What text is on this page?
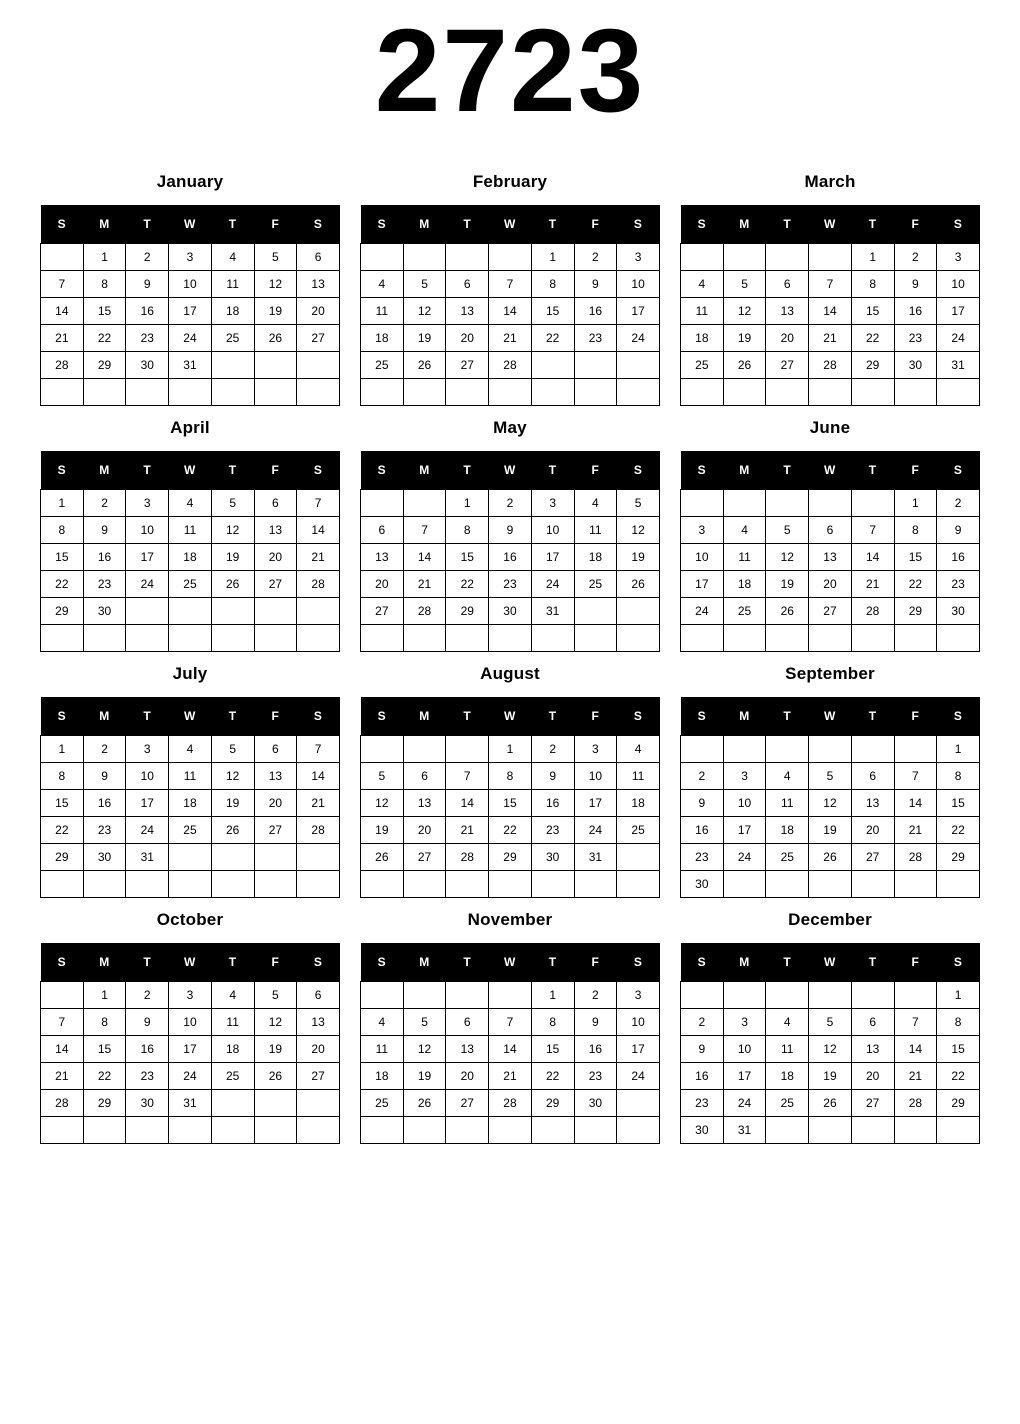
2723
January
S	M	T	W	T	F	S
	1	2	3	4	5	6
7	8	9	10	11	12	13
14	15	16	17	18	19	20
21	22	23	24	25	26	27
28	29	30	31			

February
S	M	T	W	T	F	S
				1	2	3
4	5	6	7	8	9	10
11	12	13	14	15	16	17
18	19	20	21	22	23	24
25	26	27	28			

March
S	M	T	W	T	F	S
				1	2	3
4	5	6	7	8	9	10
11	12	13	14	15	16	17
18	19	20	21	22	23	24
25	26	27	28	29	30	31

April
S	M	T	W	T	F	S
1	2	3	4	5	6	7
8	9	10	11	12	13	14
15	16	17	18	19	20	21
22	23	24	25	26	27	28
29	30					

May
S	M	T	W	T	F	S
		1	2	3	4	5
6	7	8	9	10	11	12
13	14	15	16	17	18	19
20	21	22	23	24	25	26
27	28	29	30	31		

June
S	M	T	W	T	F	S
					1	2
3	4	5	6	7	8	9
10	11	12	13	14	15	16
17	18	19	20	21	22	23
24	25	26	27	28	29	30

July
S	M	T	W	T	F	S
1	2	3	4	5	6	7
8	9	10	11	12	13	14
15	16	17	18	19	20	21
22	23	24	25	26	27	28
29	30	31				

August
S	M	T	W	T	F	S
			1	2	3	4
5	6	7	8	9	10	11
12	13	14	15	16	17	18
19	20	21	22	23	24	25
26	27	28	29	30	31	

September
S	M	T	W	T	F	S
						1
2	3	4	5	6	7	8
9	10	11	12	13	14	15
16	17	18	19	20	21	22
23	24	25	26	27	28	29
30						
October
S	M	T	W	T	F	S
	1	2	3	4	5	6
7	8	9	10	11	12	13
14	15	16	17	18	19	20
21	22	23	24	25	26	27
28	29	30	31			

November
S	M	T	W	T	F	S
				1	2	3
4	5	6	7	8	9	10
11	12	13	14	15	16	17
18	19	20	21	22	23	24
25	26	27	28	29	30	

December
S	M	T	W	T	F	S
						1
2	3	4	5	6	7	8
9	10	11	12	13	14	15
16	17	18	19	20	21	22
23	24	25	26	27	28	29
30	31					
